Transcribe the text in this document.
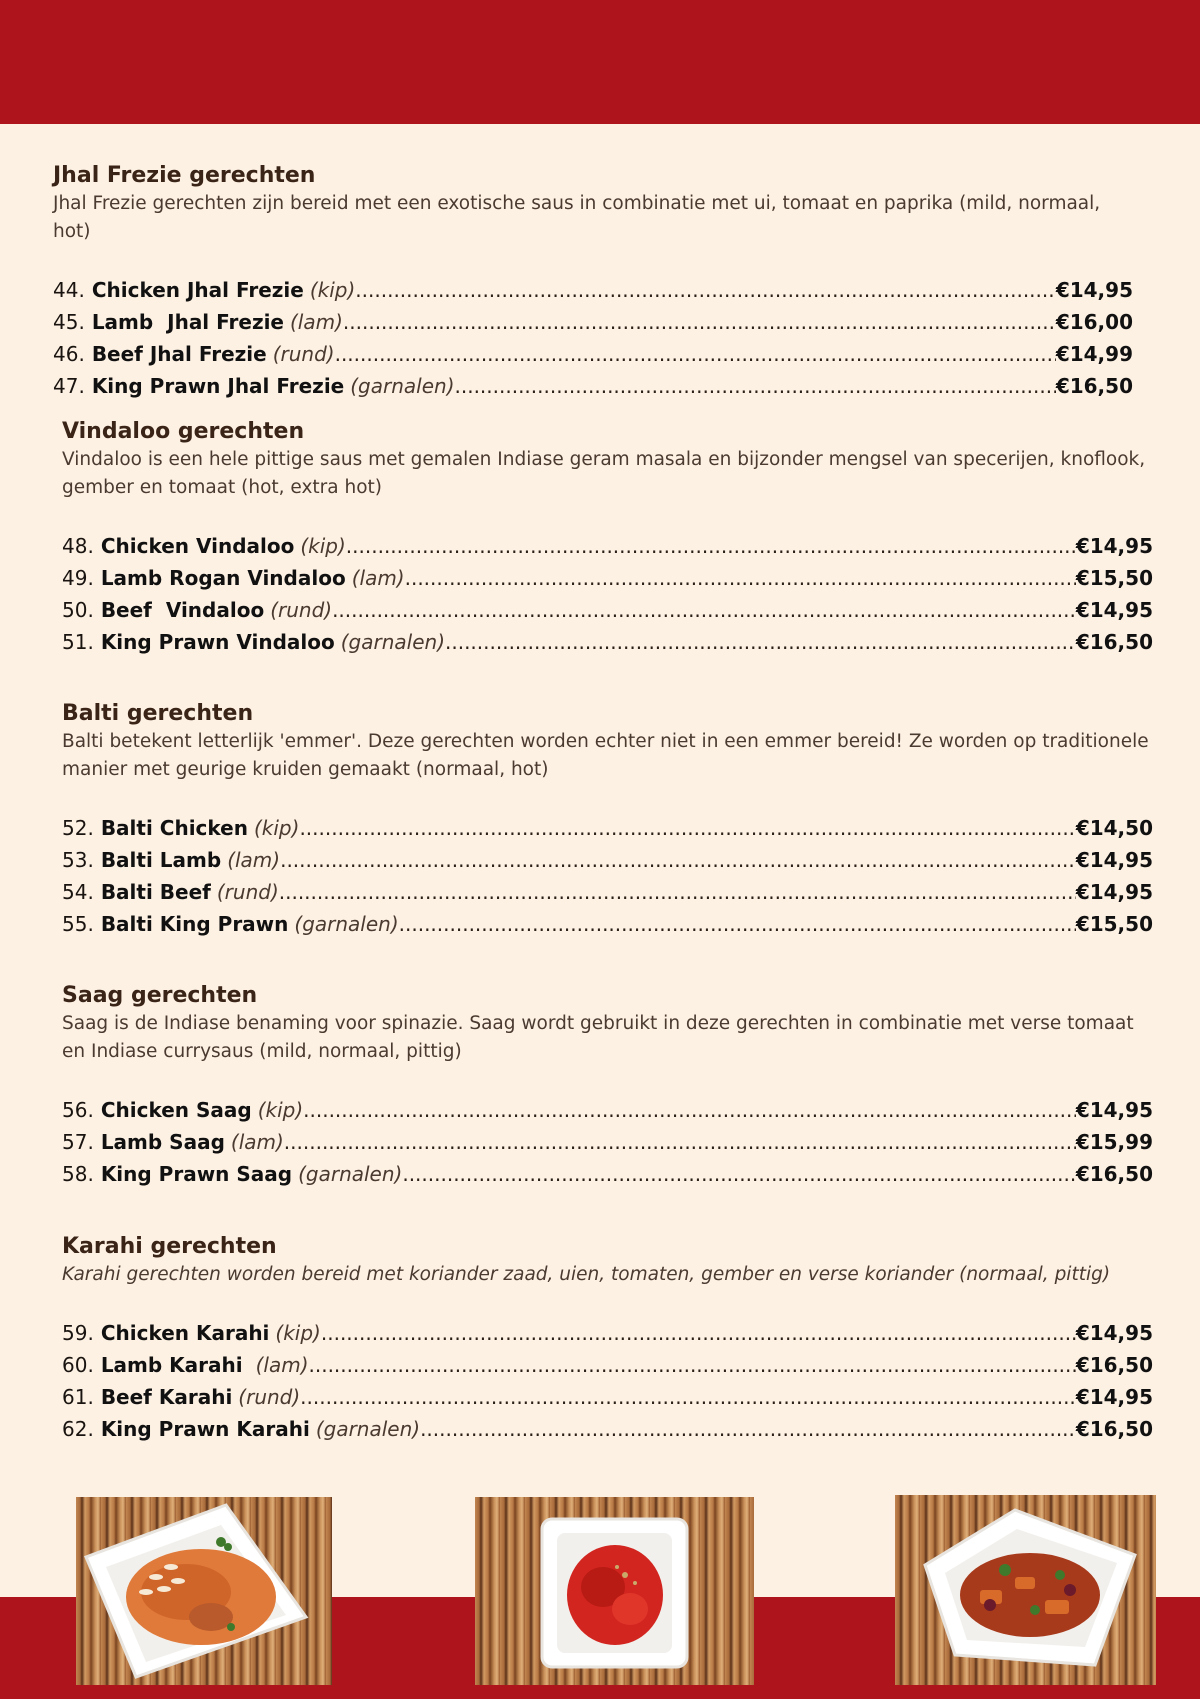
Jhal Frezie gerechten

Jhal Frezie gerechten zijn bereid met een exotische saus in combinatie met ui, tomaat en paprika (mild, normaal, hot)

44. Chicken Jhal Frezie (kip) .....	€14,95
45. Lamb  Jhal Frezie (lam) .....	€16,00
46. Beef Jhal Frezie (rund) .....	€14,99
47. King Prawn Jhal Frezie (garnalen) .....	€16,50
Vindaloo gerechten

Vindaloo is een hele pittige saus met gemalen Indiase geram masala en bijzonder mengsel van specerijen, knoflook, gember en tomaat (hot, extra hot)

48. Chicken Vindaloo (kip) .....	€14,95
49. Lamb Rogan Vindaloo (lam) .....	€15,50
50. Beef  Vindaloo (rund) .....	€14,95
51. King Prawn Vindaloo (garnalen) .....	€16,50
Balti gerechten

Balti betekent letterlijk 'emmer'. Deze gerechten worden echter niet in een emmer bereid! Ze worden op traditionele manier met geurige kruiden gemaakt (normaal, hot)

52. Balti Chicken (kip) .....	€14,50
53. Balti Lamb (lam) .....	€14,95
54. Balti Beef (rund) .....	€14,95
55. Balti King Prawn (garnalen) .....	€15,50
Saag gerechten

Saag is de Indiase benaming voor spinazie. Saag wordt gebruikt in deze gerechten in combinatie met verse tomaat en Indiase currysaus (mild, normaal, pittig)

56. Chicken Saag (kip) .....	€14,95
57. Lamb Saag (lam) .....	€15,99
58. King Prawn Saag (garnalen) .....	€16,50
Karahi gerechten

Karahi gerechten worden bereid met koriander zaad, uien, tomaten, gember en verse koriander (normaal, pittig)

59. Chicken Karahi (kip) .....	€14,95
60. Lamb Karahi (lam) .....	€16,50
61. Beef Karahi (rund) .....	€14,95
62. King Prawn Karahi (garnalen) .....	€16,50
